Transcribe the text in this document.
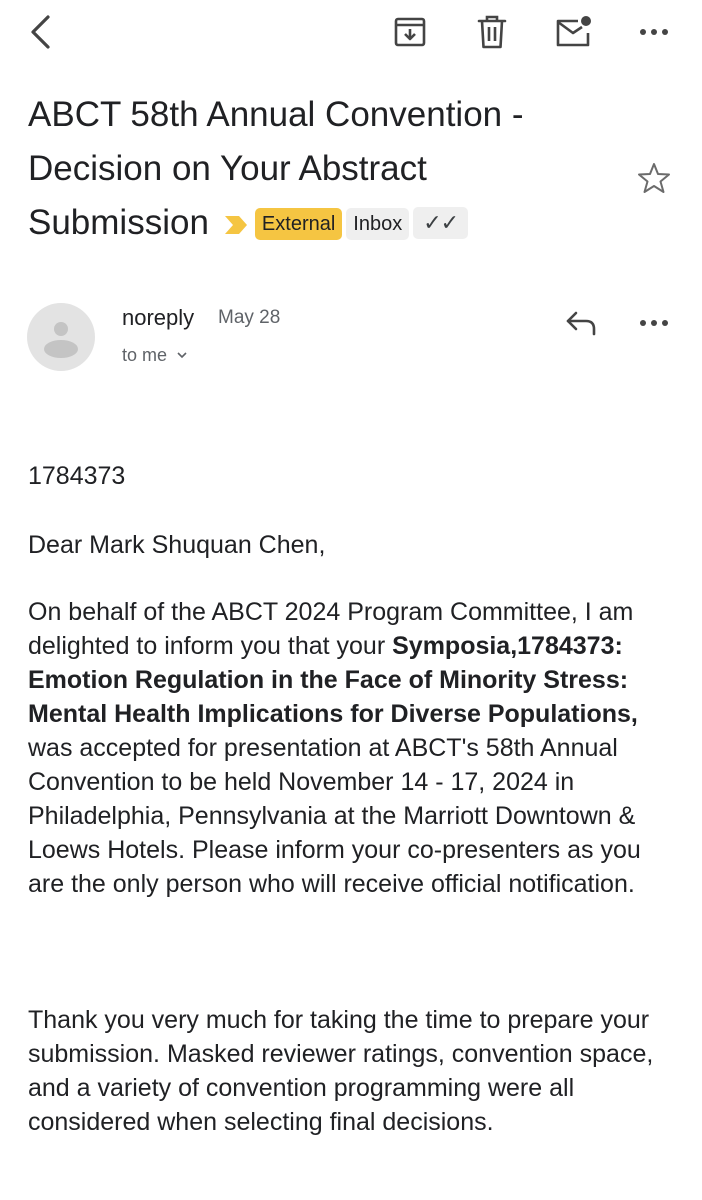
ABCT 58th Annual Convention - Decision on Your Abstract Submission	External Inbox ✓✓
noreply May 28
to me
1784373
Dear Mark Shuquan Chen,

On behalf of the ABCT 2024 Program Committee, I am delighted to inform you that your Symposia,1784373: Emotion Regulation in the Face of Minority Stress: Mental Health Implications for Diverse Populations, was accepted for presentation at ABCT's 58th Annual Convention to be held November 14 - 17, 2024 in Philadelphia, Pennsylvania at the Marriott Downtown & Loews Hotels. Please inform your co-presenters as you are the only person who will receive official notification.

Thank you very much for taking the time to prepare your submission. Masked reviewer ratings, convention space, and a variety of convention programming were all considered when selecting final decisions.
